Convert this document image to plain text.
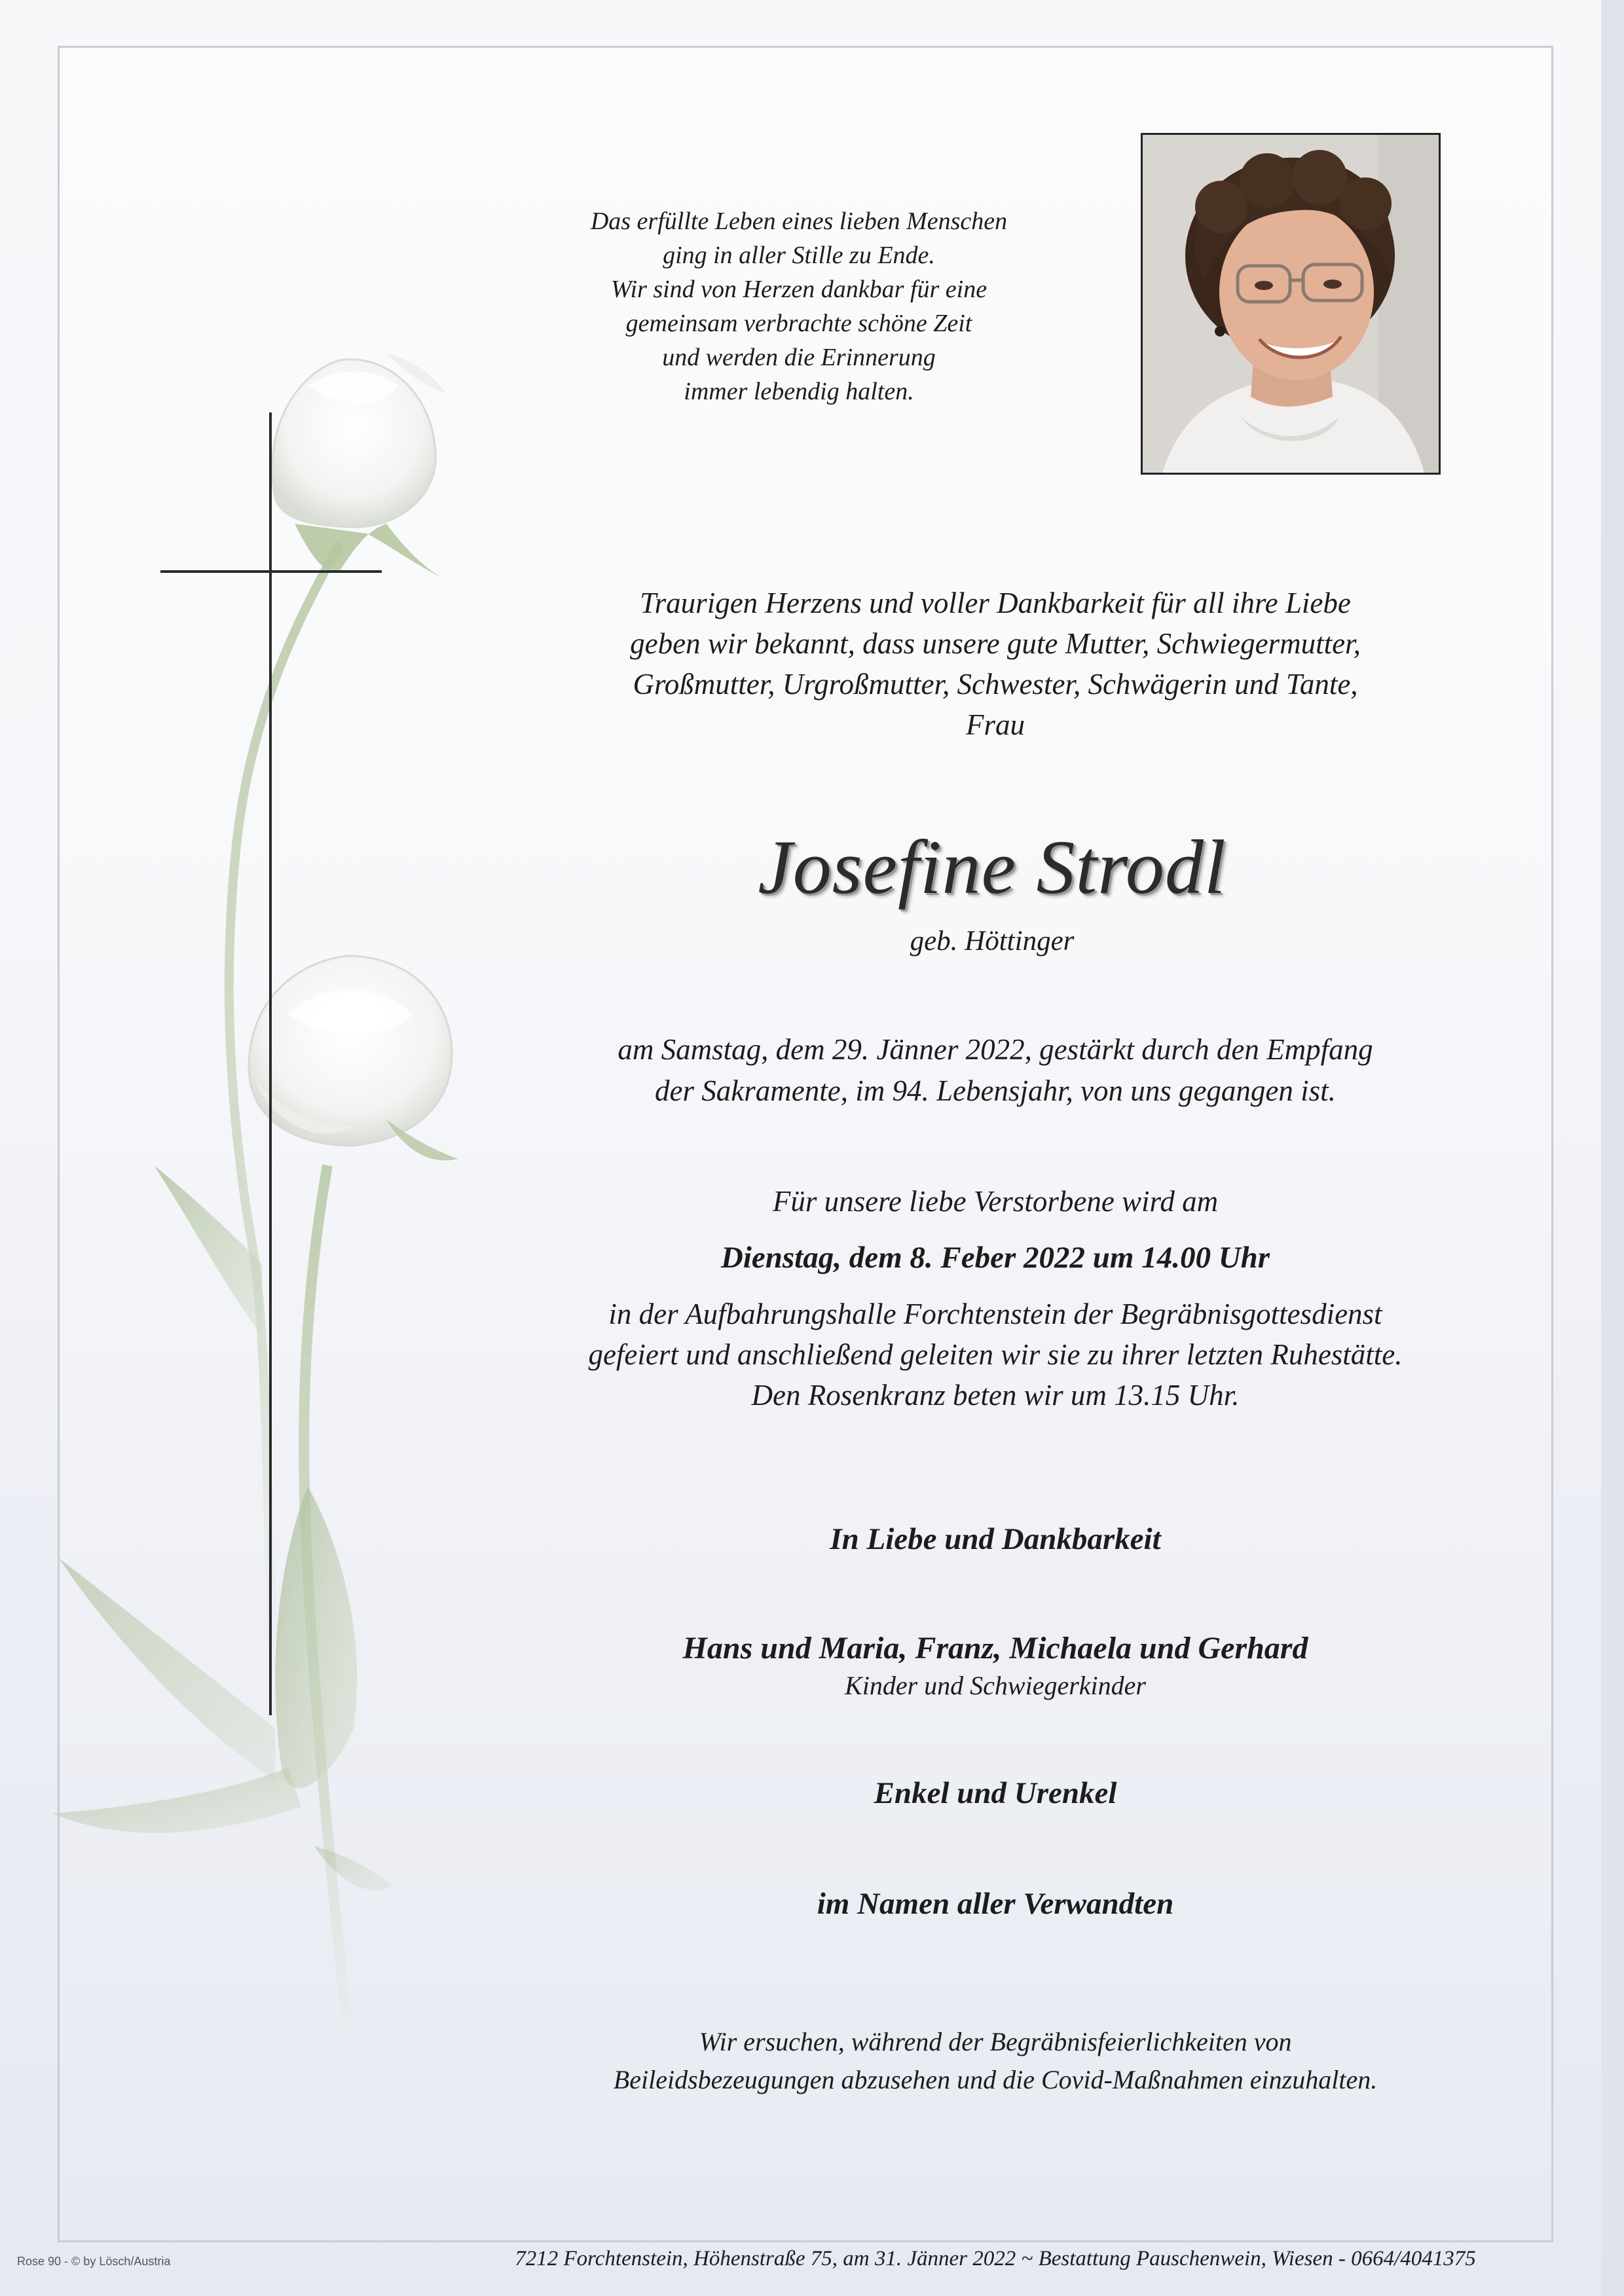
Das erfüllte Leben eines lieben Menschen
ging in aller Stille zu Ende.
Wir sind von Herzen dankbar für eine
gemeinsam verbrachte schöne Zeit
und werden die Erinnerung
immer lebendig halten.
Traurigen Herzens und voller Dankbarkeit für all ihre Liebe
geben wir bekannt, dass unsere gute Mutter, Schwiegermutter,
Großmutter, Urgroßmutter, Schwester, Schwägerin und Tante,
Frau
Josefine Strodl
geb. Höttinger
am Samstag, dem 29. Jänner 2022, gestärkt durch den Empfang
der Sakramente, im 94. Lebensjahr, von uns gegangen ist.
Für unsere liebe Verstorbene wird am
Dienstag, dem 8. Feber 2022 um 14.00 Uhr
in der Aufbahrungshalle Forchtenstein der Begräbnisgottesdienst
gefeiert und anschließend geleiten wir sie zu ihrer letzten Ruhestätte.
Den Rosenkranz beten wir um 13.15 Uhr.
In Liebe und Dankbarkeit
Hans und Maria, Franz, Michaela und Gerhard
Kinder und Schwiegerkinder
Enkel und Urenkel
im Namen aller Verwandten
Wir ersuchen, während der Begräbnisfeierlichkeiten von
Beileidsbezeugungen abzusehen und die Covid-Maßnahmen einzuhalten.
7212 Forchtenstein, Höhenstraße 75, am 31. Jänner 2022 ~ Bestattung Pauschenwein, Wiesen - 0664/4041375
Rose 90 - © by Lösch/Austria
